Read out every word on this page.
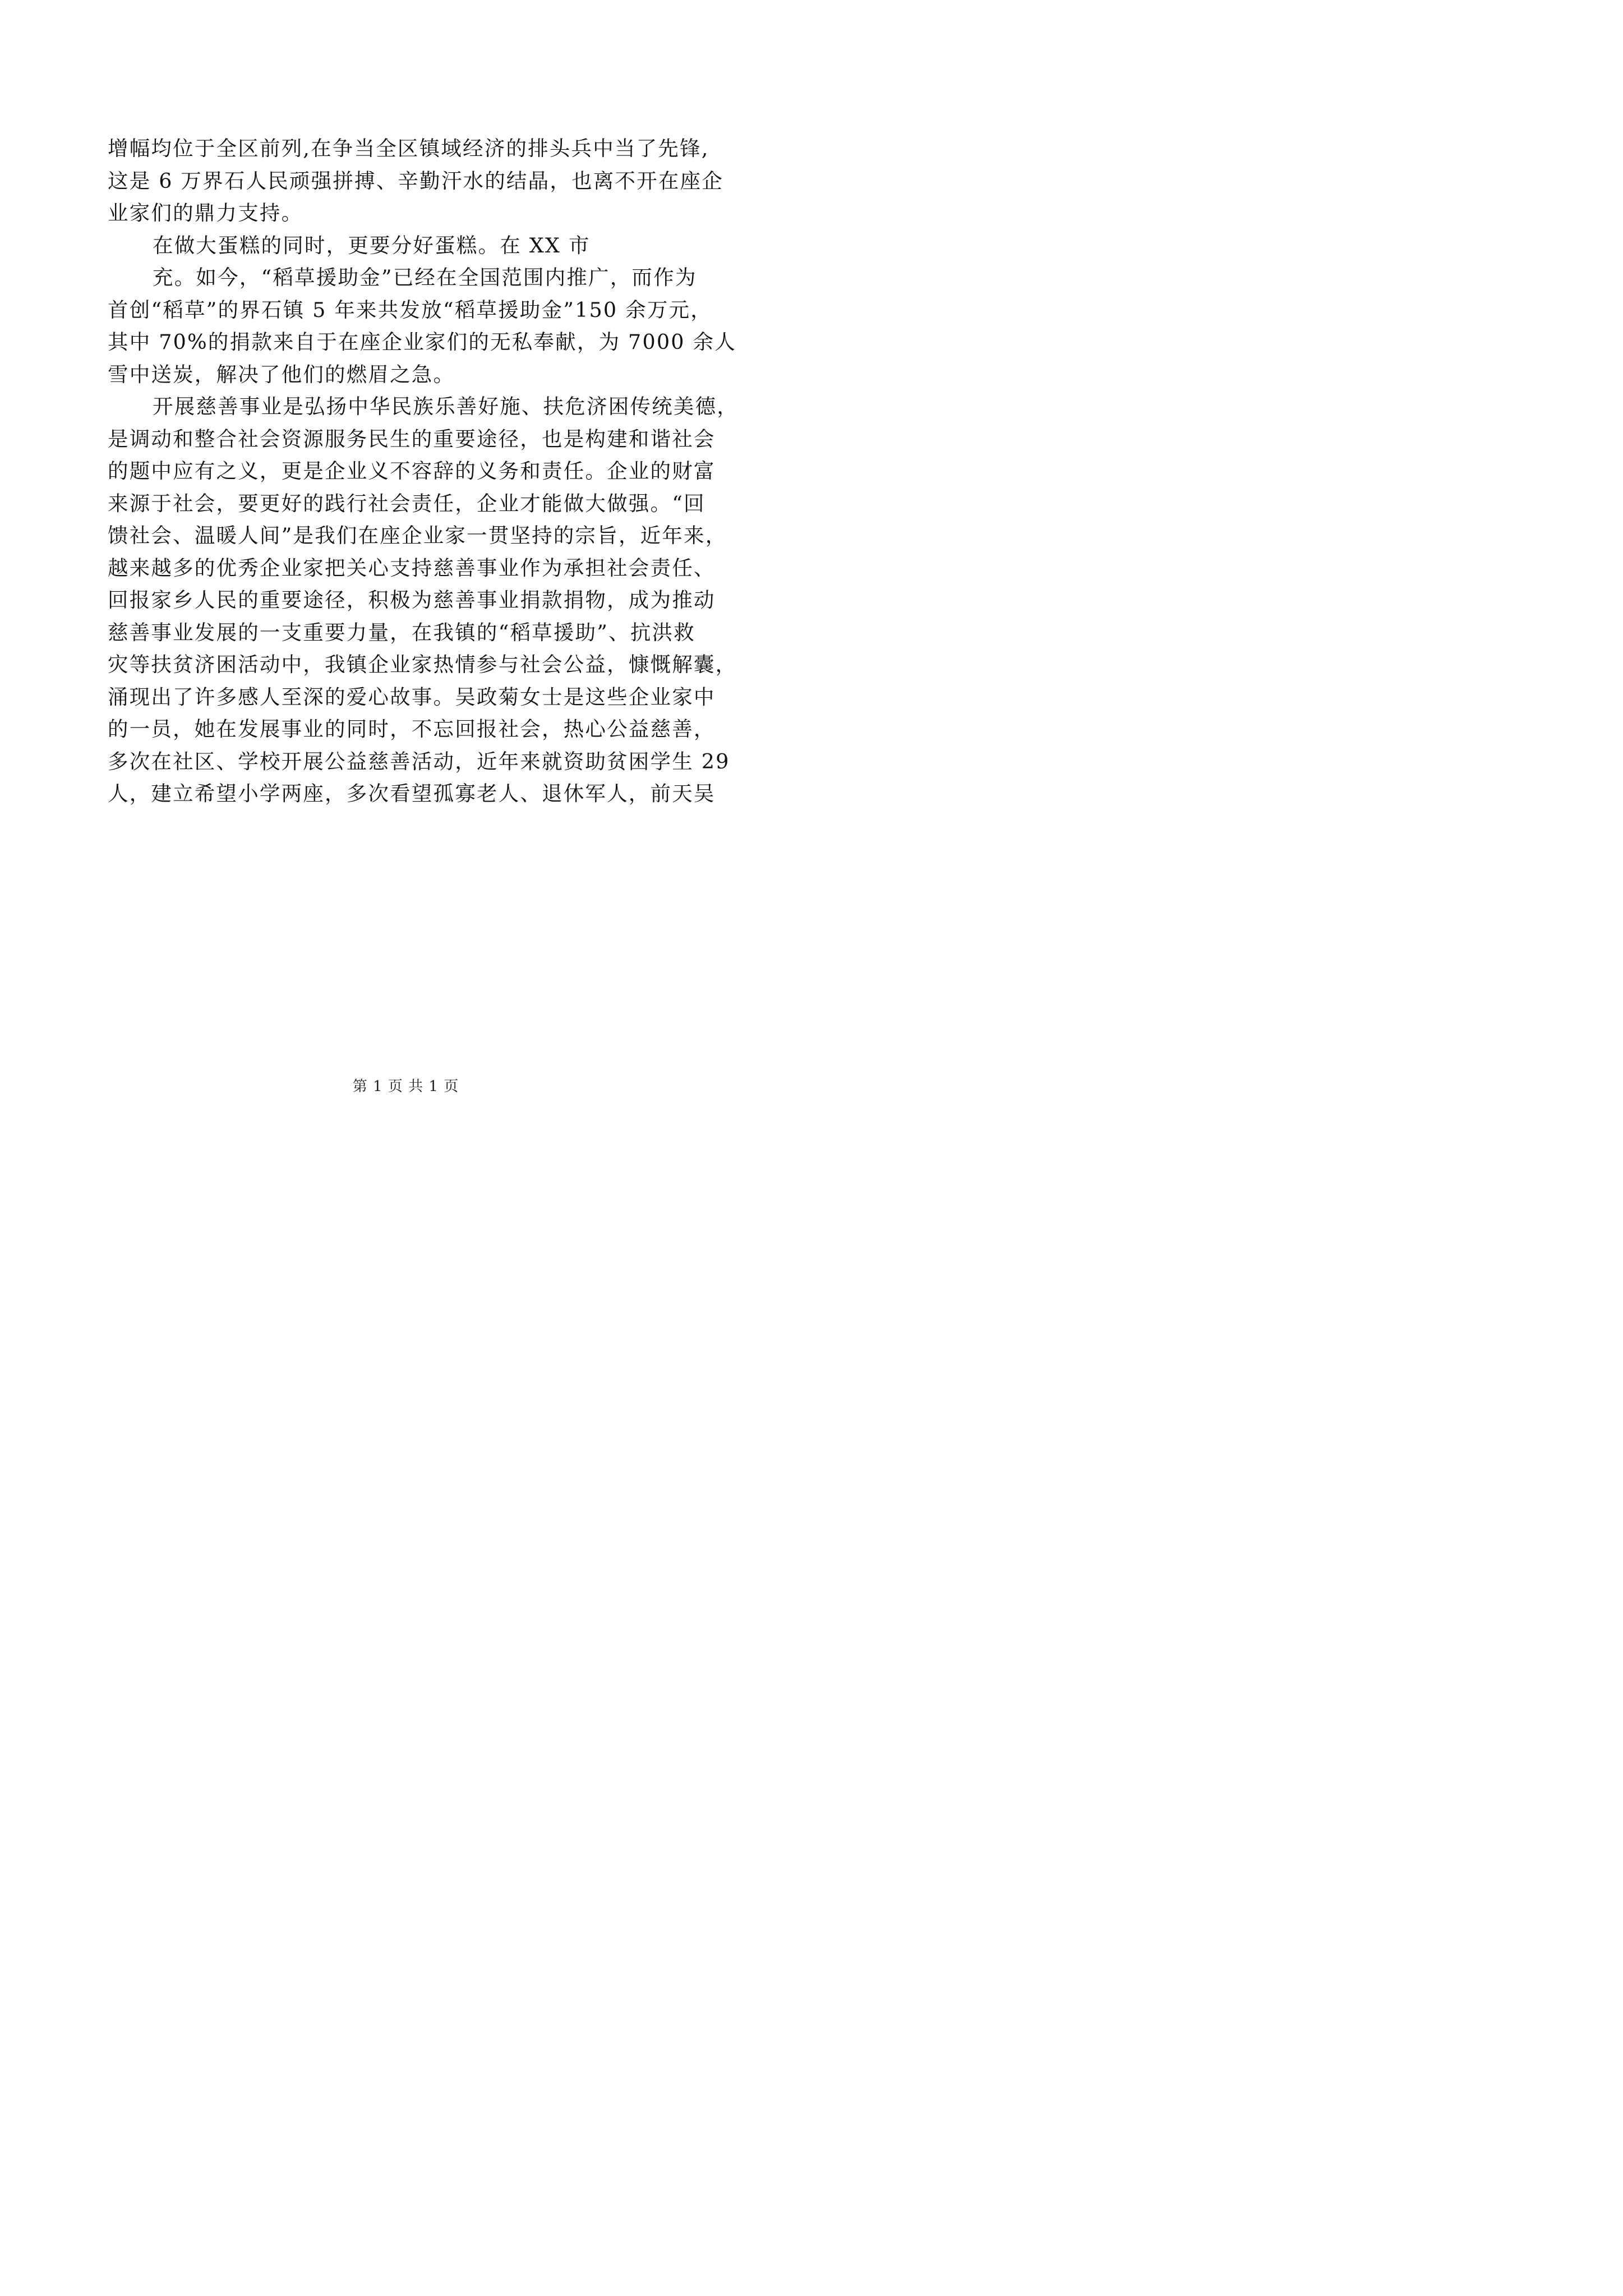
增幅均位于全区前列,在争当全区镇域经济的排头兵中当了先锋,
这是 6 万界石人民顽强拼搏、辛勤汗水的结晶，也离不开在座企
业家们的鼎力支持。
在做大蛋糕的同时，更要分好蛋糕。在 XX 市
充。如今，“稻草援助金”已经在全国范围内推广，而作为
首创“稻草”的界石镇 5 年来共发放“稻草援助金”150 余万元，
其中 70%的捐款来自于在座企业家们的无私奉献，为 7000 余人
雪中送炭，解决了他们的燃眉之急。
开展慈善事业是弘扬中华民族乐善好施、扶危济困传统美德，
是调动和整合社会资源服务民生的重要途径，也是构建和谐社会
的题中应有之义，更是企业义不容辞的义务和责任。企业的财富
来源于社会，要更好的践行社会责任，企业才能做大做强。“回
馈社会、温暖人间”是我们在座企业家一贯坚持的宗旨，近年来，
越来越多的优秀企业家把关心支持慈善事业作为承担社会责任、
回报家乡人民的重要途径，积极为慈善事业捐款捐物，成为推动
慈善事业发展的一支重要力量，在我镇的“稻草援助”、抗洪救
灾等扶贫济困活动中，我镇企业家热情参与社会公益，慷慨解囊，
涌现出了许多感人至深的爱心故事。吴政菊女士是这些企业家中
的一员，她在发展事业的同时，不忘回报社会，热心公益慈善，
多次在社区、学校开展公益慈善活动，近年来就资助贫困学生 29
人，建立希望小学两座，多次看望孤寡老人、退休军人，前天吴
第 1 页 共 1 页
